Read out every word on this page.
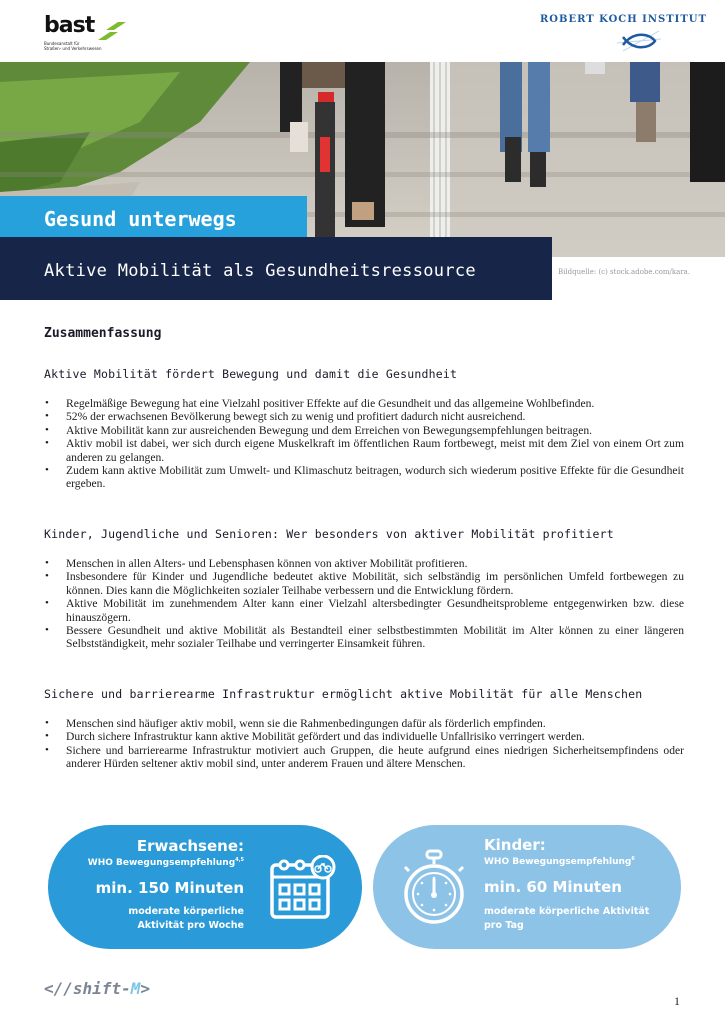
bast
Bundesanstalt für
Straßen- und Verkehrswesen
ROBERT KOCH INSTITUT
Gesund unterwegs
Aktive Mobilität als Gesundheitsressource	Bildquelle: (c) stock.adobe.com/kara.
Zusammenfassung
Aktive Mobilität fördert Bewegung und damit die Gesundheit
• Regelmäßige Bewegung hat eine Vielzahl positiver Effekte auf die Gesundheit und das allgemeine Wohlbefinden.
• 52% der erwachsenen Bevölkerung bewegt sich zu wenig und profitiert dadurch nicht ausreichend.
• Aktive Mobilität kann zur ausreichenden Bewegung und dem Erreichen von Bewegungsempfehlungen beitragen.
• Aktiv mobil ist dabei, wer sich durch eigene Muskelkraft im öffentlichen Raum fortbewegt, meist mit dem Ziel von einem Ort zum anderen zu gelangen.
• Zudem kann aktive Mobilität zum Umwelt- und Klimaschutz beitragen, wodurch sich wiederum positive Effekte für die Gesundheit ergeben.
Kinder, Jugendliche und Senioren: Wer besonders von aktiver Mobilität profitiert
• Menschen in allen Alters- und Lebensphasen können von aktiver Mobilität profitieren.
• Insbesondere für Kinder und Jugendliche bedeutet aktive Mobilität, sich selbständig im persönlichen Umfeld fortbewegen zu können. Dies kann die Möglichkeiten sozialer Teilhabe verbessern und die Entwicklung fördern.
• Aktive Mobilität im zunehmendem Alter kann einer Vielzahl altersbedingter Gesundheitsprobleme entgegenwirken bzw. diese hinauszögern.
• Bessere Gesundheit und aktive Mobilität als Bestandteil einer selbstbestimmten Mobilität im Alter können zu einer längeren Selbstständigkeit, mehr sozialer Teilhabe und verringerter Einsamkeit führen.
Sichere und barrierearme Infrastruktur ermöglicht aktive Mobilität für alle Menschen
• Menschen sind häufiger aktiv mobil, wenn sie die Rahmenbedingungen dafür als förderlich empfinden.
• Durch sichere Infrastruktur kann aktive Mobilität gefördert und das individuelle Unfallrisiko verringert werden.
• Sichere und barrierearme Infrastruktur motiviert auch Gruppen, die heute aufgrund eines niedrigen Sicherheitsempfindens oder anderer Hürden seltener aktiv mobil sind, unter anderem Frauen und ältere Menschen.
Erwachsene:
WHO Bewegungsempfehlung$^{4,5}$
min. 150 Minuten
moderate körperliche
Aktivität pro Woche
Kinder:
WHO Bewegungsempfehlung$^6$
min. 60 Minuten
moderate körperliche Aktivität
pro Tag
<//shift-M>
1
